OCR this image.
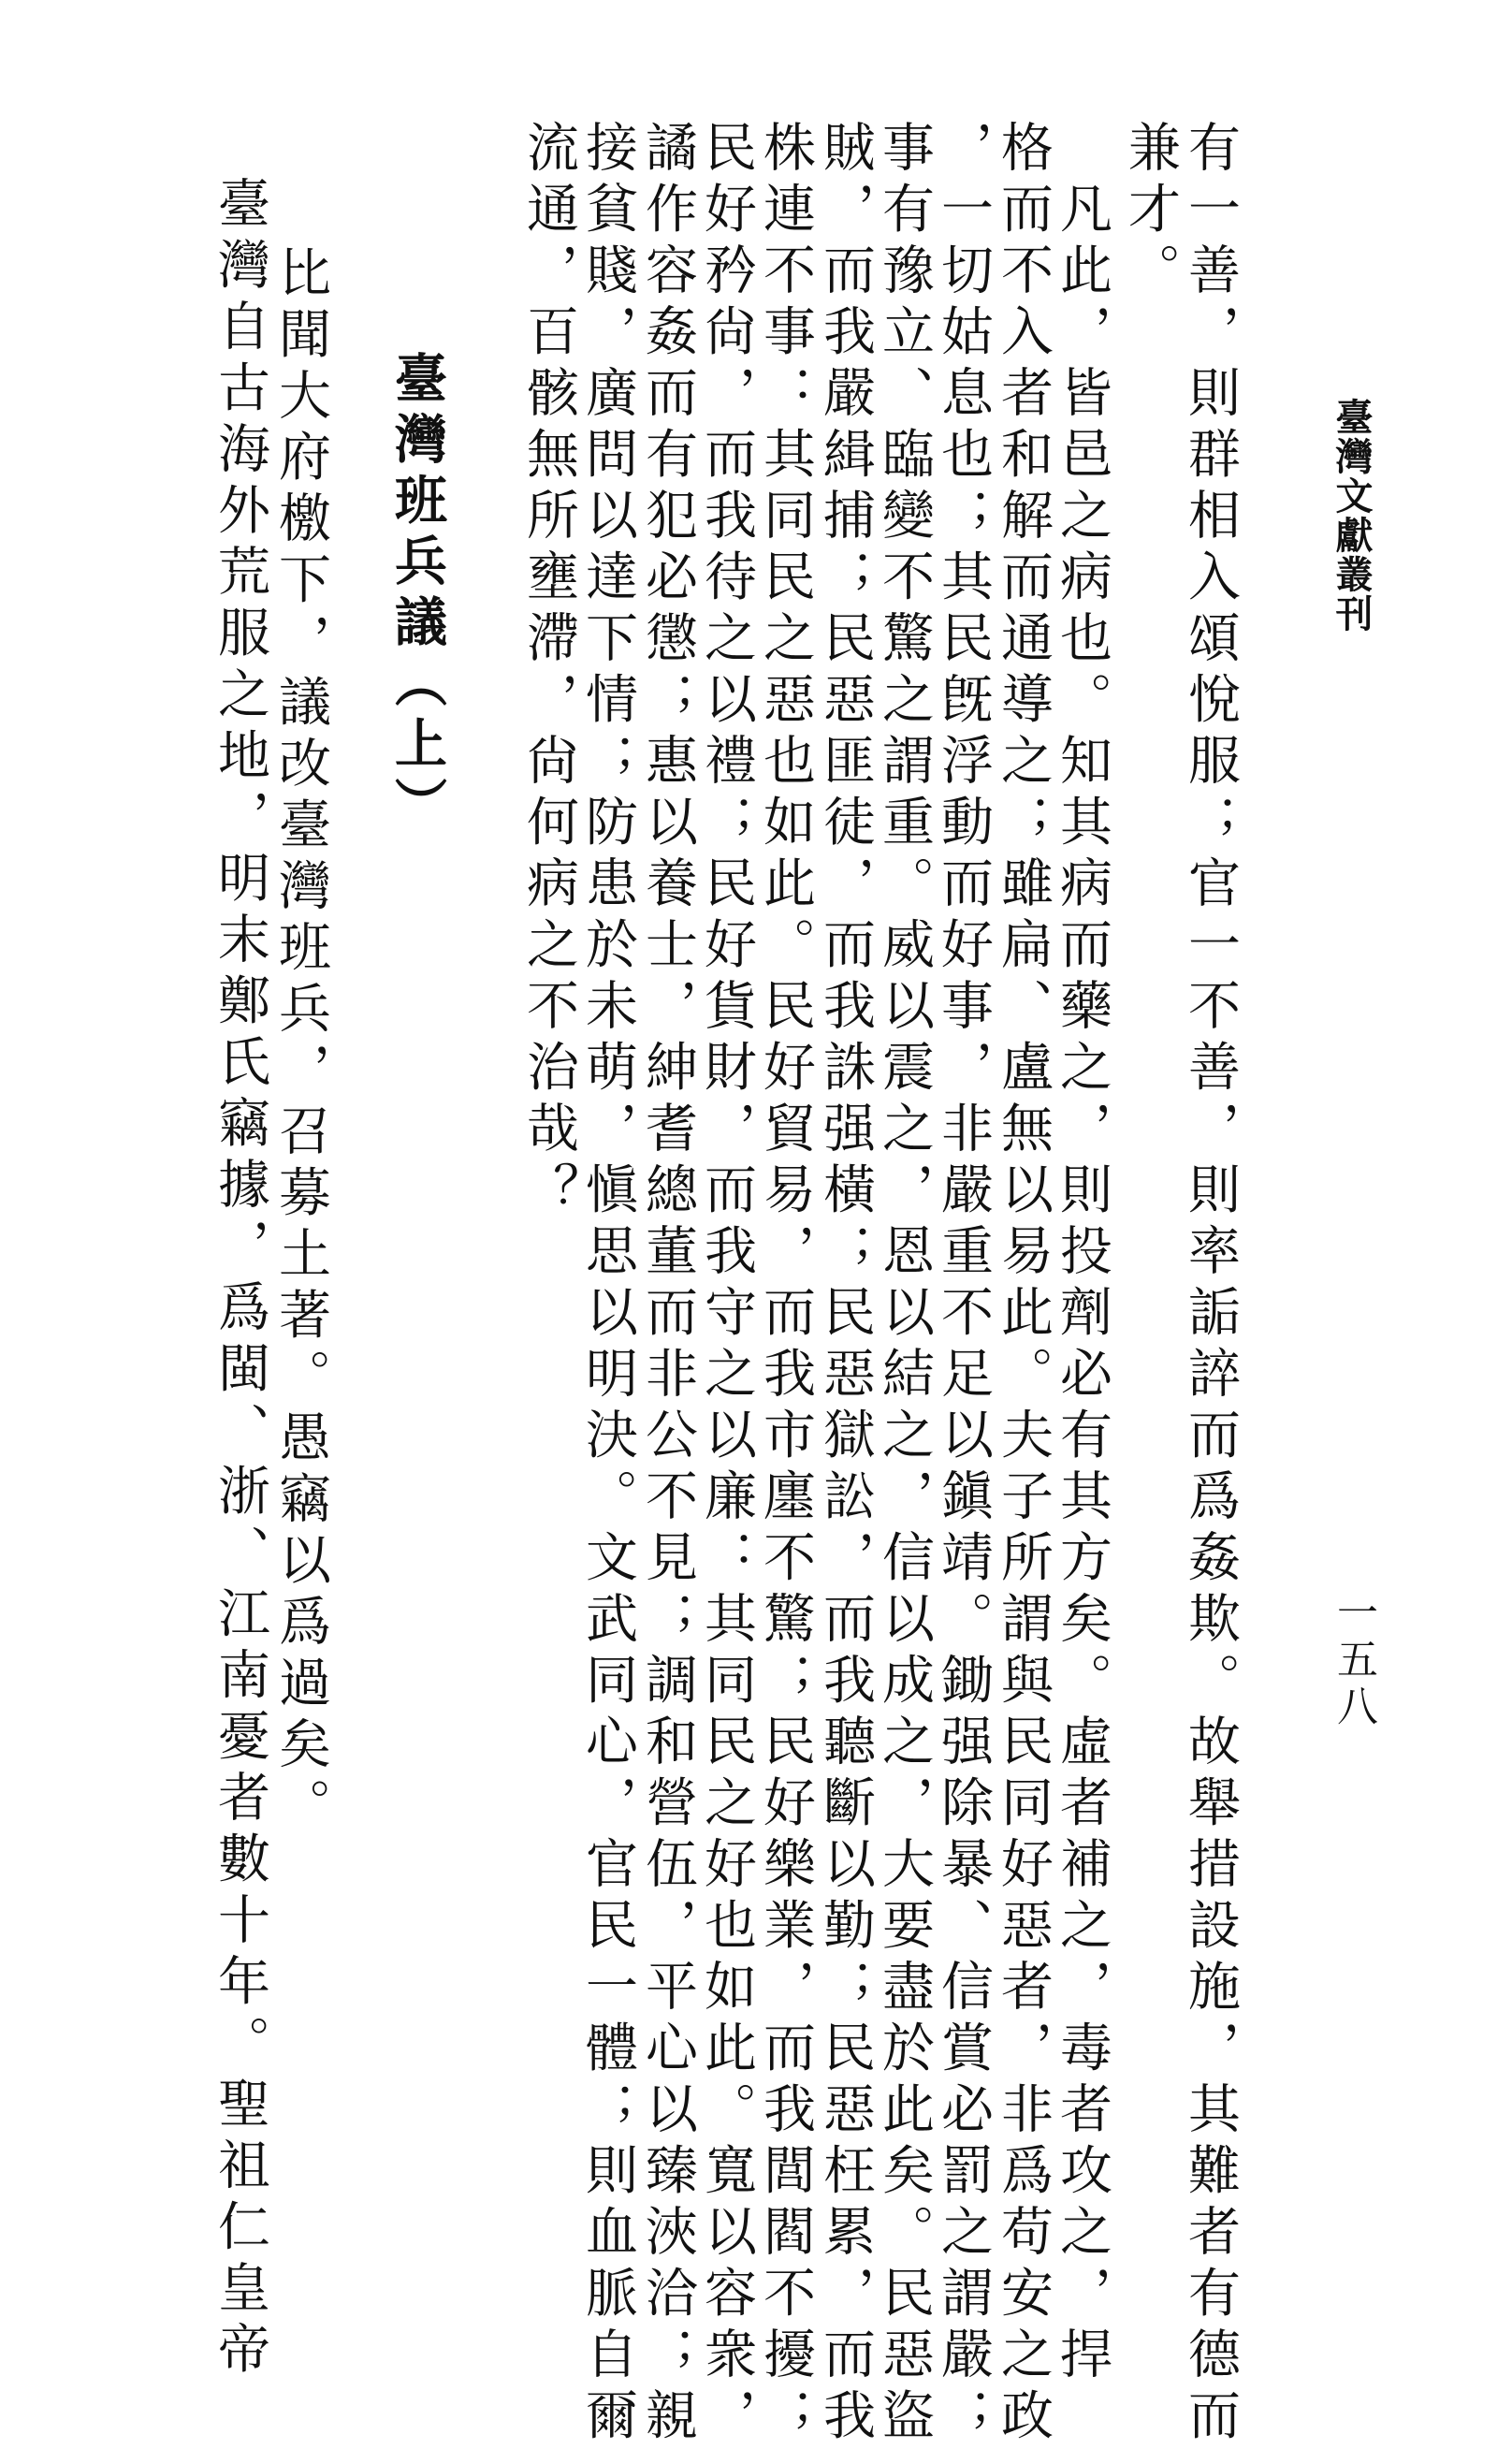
臺灣文獻叢刊
一五八
有一善，則群相入頌悅服；官一不善，則率詬誶而爲姦欺。故舉措設施，其難者有德而
兼才。
　凡此，皆邑之病也。知其病而藥之，則投劑必有其方矣。虛者補之，毒者攻之，捍
格而不入者和解而通導之；雖扁、盧無以易此。夫子所謂與民同好惡者，非爲苟安之政
，一切姑息也；其民旣浮動而好事，非嚴重不足以鎭靖。鋤强除暴、信賞必罰之謂嚴；
事有豫立、臨變不驚之謂重。威以震之，恩以結之，信以成之，大要盡於此矣。民惡盜
賊，而我嚴緝捕；民惡匪徒，而我誅强橫；民惡獄訟，而我聽斷以勤；民惡枉累，而我
株連不事：其同民之惡也如此。民好貿易，而我市廛不驚；民好樂業，而我閭閻不擾；
民好矜尙，而我待之以禮；民好貨財，而我守之以廉：其同民之好也如此。寬以容衆，
譎作容姦而有犯必懲；惠以養士，紳耆總董而非公不見；調和營伍，平心以臻浹洽；親
接貧賤，廣問以達下情；防患於未萌，愼思以明決。文武同心，官民一體；則血脈自爾
流通，百骸無所壅滯，尙何病之不治哉？
臺灣班兵議（上）
比聞大府檄下，議改臺灣班兵，召募土著。愚竊以爲過矣。
臺灣自古海外荒服之地，明末鄭氏竊據，爲閩、浙、江南憂者數十年。聖祖仁皇帝
